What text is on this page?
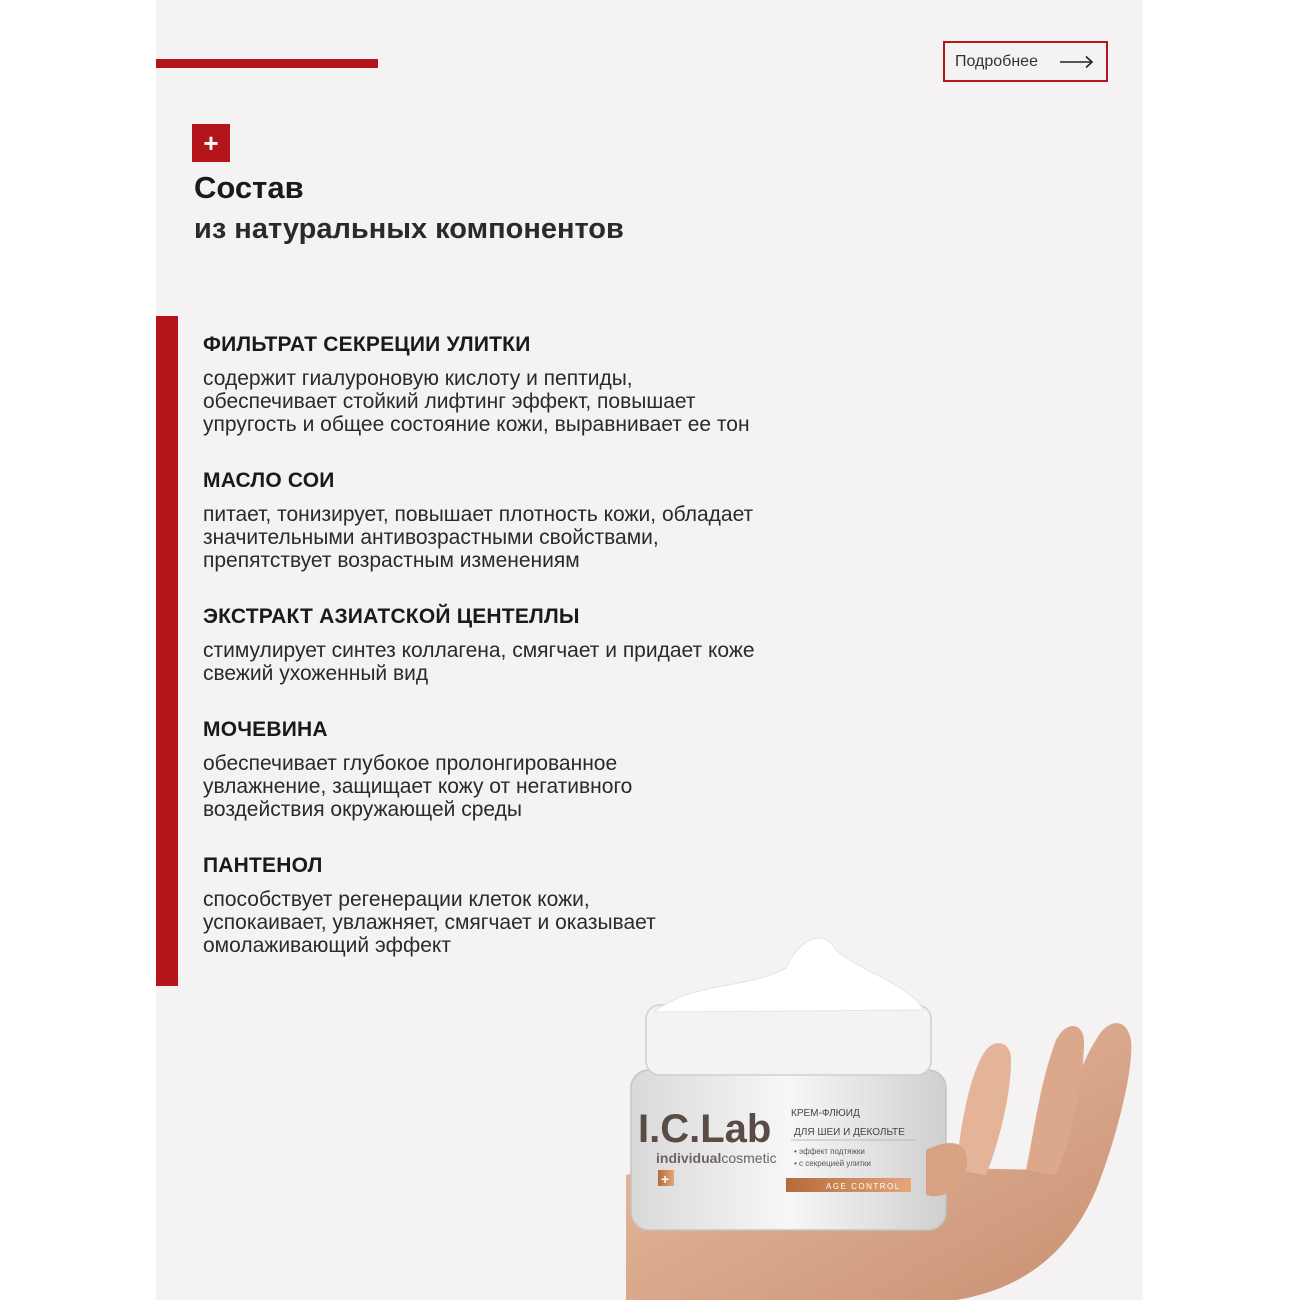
Подробнее
+
Состав
из натуральных компонентов
ФИЛЬТРАТ СЕКРЕЦИИ УЛИТКИ

содержит гиалуроновую кислоту и пептиды,
обеспечивает стойкий лифтинг эффект, повышает
упругость и общее состояние кожи, выравнивает ее тон

МАСЛО СОИ

питает, тонизирует, повышает плотность кожи, обладает
значительными антивозрастными свойствами,
препятствует возрастным изменениям

ЭКСТРАКТ АЗИАТСКОЙ ЦЕНТЕЛЛЫ

стимулирует синтез коллагена, смягчает и придает коже
свежий ухоженный вид

МОЧЕВИНА

обеспечивает глубокое пролонгированное
увлажнение, защищает кожу от негативного
воздействия окружающей среды

ПАНТЕНОЛ

способствует регенерации клеток кожи,
успокаивает, увлажняет, смягчает и оказывает
омолаживающий эффект

I.C.Lab
individualcosmetic
+
КРЕМ-ФЛЮИД
ДЛЯ ШЕИ И ДЕКОЛЬТЕ
• эффект подтяжки
• с секрецией улитки
AGE CONTROL
